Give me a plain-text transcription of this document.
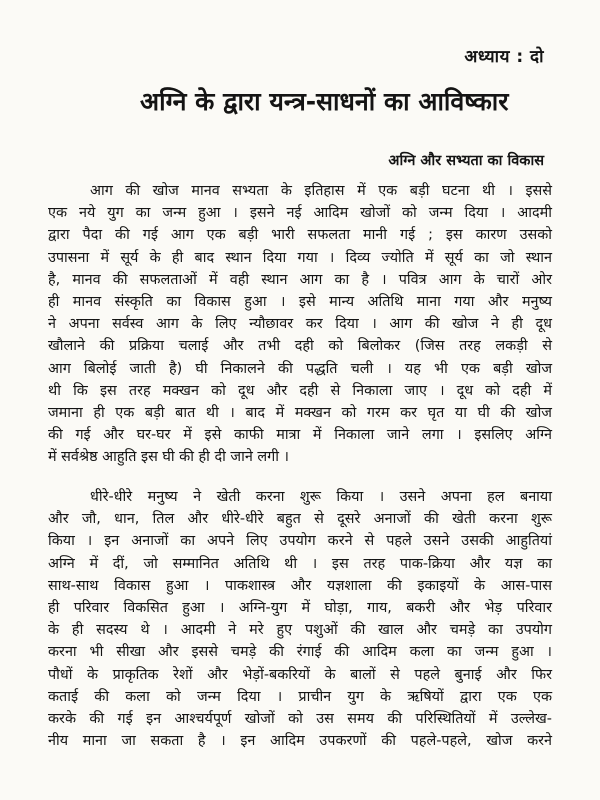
अध्याय : दो
अग्नि के द्वारा यन्त्र-साधनों का आविष्कार
अग्नि और सभ्यता का विकास
आग की खोज मानव सभ्यता के इतिहास में एक बड़ी घटना थी । इससे
एक नये युग का जन्म हुआ । इसने नई आदिम खोजों को जन्म दिया । आदमी
द्वारा पैदा की गई आग एक बड़ी भारी सफलता मानी गई ; इस कारण उसको
उपासना में सूर्य के ही बाद स्थान दिया गया । दिव्य ज्योति में सूर्य का जो स्थान
है, मानव की सफलताओं में वही स्थान आग का है । पवित्र आग के चारों ओर
ही मानव संस्कृति का विकास हुआ । इसे मान्य अतिथि माना गया और मनुष्य
ने अपना सर्वस्व आग के लिए न्यौछावर कर दिया । आग की खोज ने ही दूध
खौलाने की प्रक्रिया चलाई और तभी दही को बिलोकर (जिस तरह लकड़ी से
आग बिलोई जाती है) घी निकालने की पद्धति चली । यह भी एक बड़ी खोज
थी कि इस तरह मक्खन को दूध और दही से निकाला जाए । दूध को दही में
जमाना ही एक बड़ी बात थी । बाद में मक्खन को गरम कर घृत या घी की खोज
की गई और घर-घर में इसे काफी मात्रा में निकाला जाने लगा । इसलिए अग्नि
में सर्वश्रेष्ठ आहुति इस घी की ही दी जाने लगी ।
धीरे-धीरे मनुष्य ने खेती करना शुरू किया । उसने अपना हल बनाया
और जौ, धान, तिल और धीरे-धीरे बहुत से दूसरे अनाजों की खेती करना शुरू
किया । इन अनाजों का अपने लिए उपयोग करने से पहले उसने उसकी आहुतियां
अग्नि में दीं, जो सम्मानित अतिथि थी । इस तरह पाक-क्रिया और यज्ञ का
साथ-साथ विकास हुआ । पाकशास्त्र और यज्ञशाला की इकाइयों के आस-पास
ही परिवार विकसित हुआ । अग्नि-युग में घोड़ा, गाय, बकरी और भेड़ परिवार
के ही सदस्य थे । आदमी ने मरे हुए पशुओं की खाल और चमड़े का उपयोग
करना भी सीखा और इससे चमड़े की रंगाई की आदिम कला का जन्म हुआ ।
पौधों के प्राकृतिक रेशों और भेड़ों-बकरियों के बालों से पहले बुनाई और फिर
कताई की कला को जन्म दिया । प्राचीन युग के ऋषियों द्वारा एक एक
करके की गई इन आश्चर्यपूर्ण खोजों को उस समय की परिस्थितियों में उल्लेख-
नीय माना जा सकता है । इन आदिम उपकरणों की पहले-पहले, खोज करने
